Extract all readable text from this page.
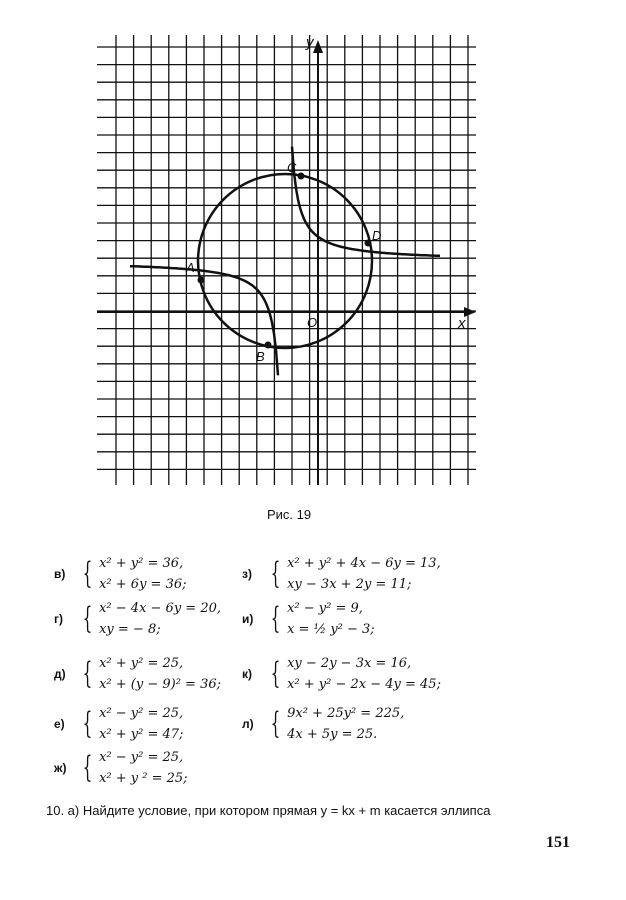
A
B
C
D
O	x
y
Рис. 19
в) { x² + y² = 36,
x² + 6y = 36;
г) { x² − 4x − 6y = 20,
xy = − 8;
д) { x² + y² = 25,
x² + (y − 9)² = 36;
е) { x² − y² = 25,
x² + y² = 47;
ж) { x² − y² = 25,
x² + y ² = 25;
з) { x² + y² + 4x − 6y = 13,
xy − 3x + 2y = 11;
и) { x² − y² = 9,
x = ½ y² − 3;
к) { xy − 2y − 3x = 16,
x² + y² − 2x − 4y = 45;
л) { 9x² + 25y² = 225,
4x + 5y = 25.
10. а) Найдите условие, при котором прямая y = kx + m касается эллипса
151
